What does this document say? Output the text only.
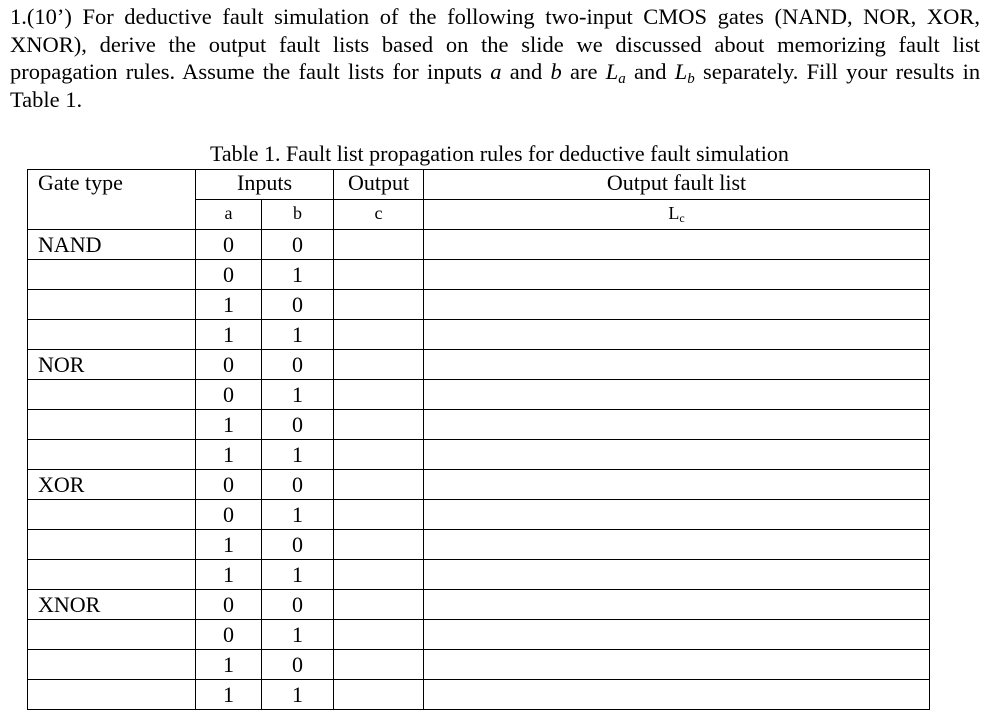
1.(10’) For deductive fault simulation of the following two-input CMOS gates (NAND, NOR, XOR, XNOR), derive the output fault lists based on the slide we discussed about memorizing fault list propagation rules. Assume the fault lists for inputs a and b are $L_a$ and $L_b$ separately. Fill your results in Table 1.

Table 1. Fault list propagation rules for deductive fault simulation

Gate type	Inputs		Output	Output fault list
	a	b	c	$L_c$
NAND	0	0		
	0	1		
	1	0		
	1	1		
NOR	0	0		
	0	1		
	1	0		
	1	1		
XOR	0	0		
	0	1		
	1	0		
	1	1		
XNOR	0	0		
	0	1		
	1	0		
	1	1		
